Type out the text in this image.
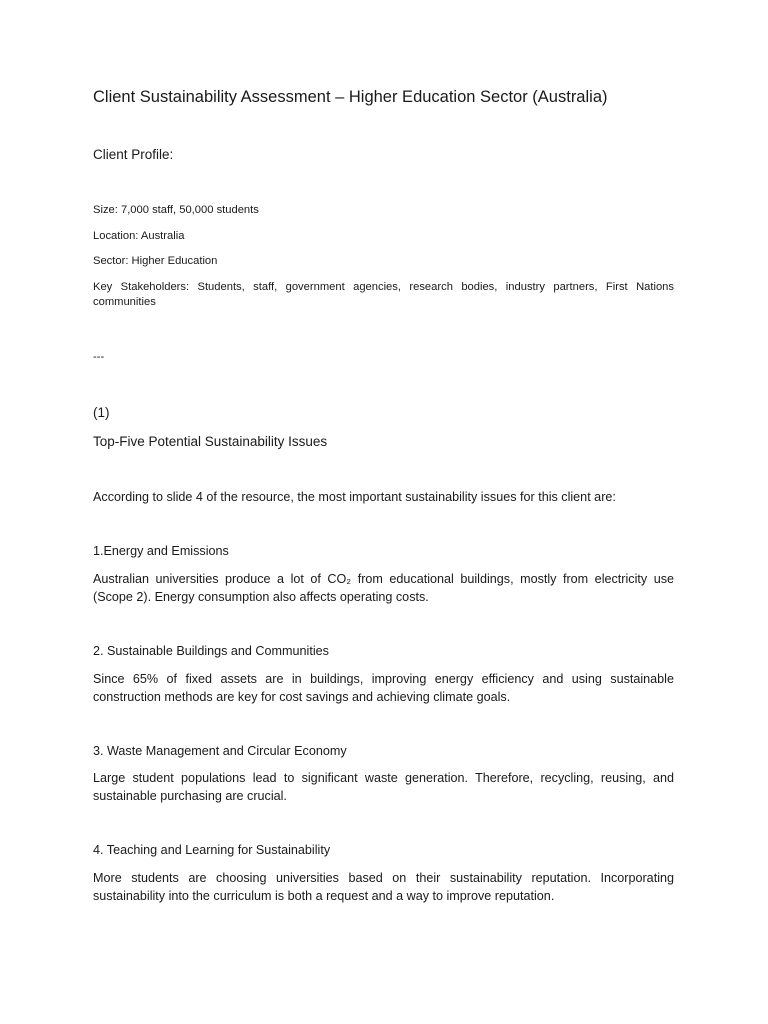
Client Sustainability Assessment – Higher Education Sector (Australia)

Client Profile:

Size: 7,000 staff, 50,000 students

Location: Australia

Sector: Higher Education

Key Stakeholders: Students, staff, government agencies, research bodies, industry partners, First Nations communities

---

(1)

Top-Five Potential Sustainability Issues

According to slide 4 of the resource, the most important sustainability issues for this client are:

1.Energy and Emissions

Australian universities produce a lot of CO₂ from educational buildings, mostly from electricity use (Scope 2). Energy consumption also affects operating costs.

2. Sustainable Buildings and Communities

Since 65% of fixed assets are in buildings, improving energy efficiency and using sustainable construction methods are key for cost savings and achieving climate goals.

3. Waste Management and Circular Economy

Large student populations lead to significant waste generation. Therefore, recycling, reusing, and sustainable purchasing are crucial.

4. Teaching and Learning for Sustainability

More students are choosing universities based on their sustainability reputation. Incorporating sustainability into the curriculum is both a request and a way to improve reputation.
